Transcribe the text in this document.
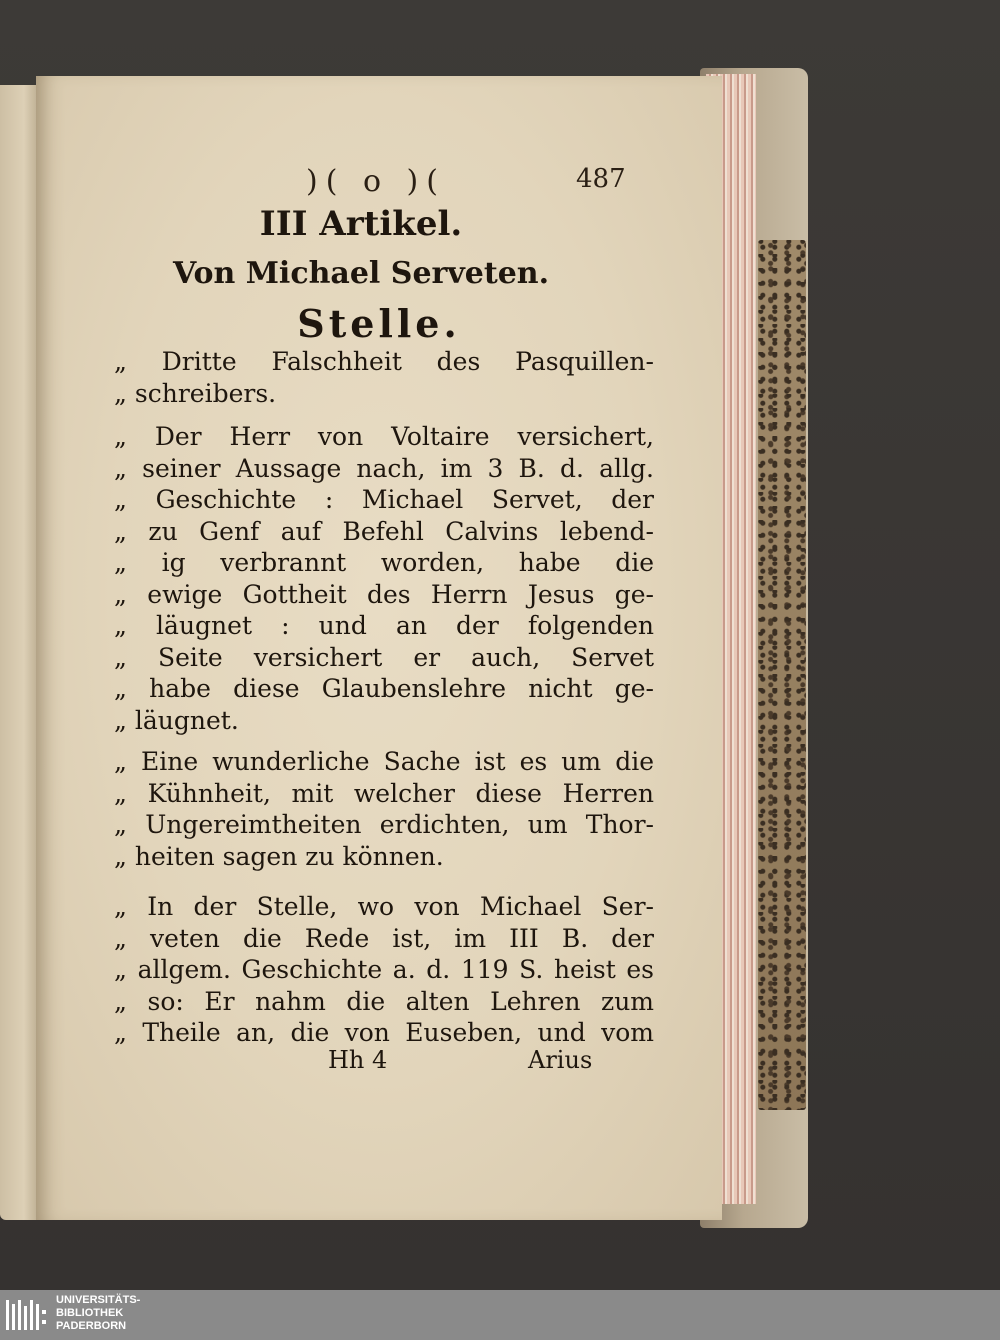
)( o )(	487
III Artikel.
Von Michael Serveten.
Stelle.
„ Dritte Falschheit des Pasquillen-
„ schreibers.
„ Der Herr von Voltaire versichert,
„ seiner Aussage nach, im 3 B. d. allg.
„ Geschichte : Michael Servet, der
„ zu Genf auf Befehl Calvins lebend-
„ ig verbrannt worden, habe die
„ ewige Gottheit des Herrn Jesus ge-
„ läugnet : und an der folgenden
„ Seite versichert er auch, Servet
„ habe diese Glaubenslehre nicht ge-
„ läugnet.
„ Eine wunderliche Sache ist es um die
„ Kühnheit, mit welcher diese Herren
„ Ungereimtheiten erdichten, um Thor-
„ heiten sagen zu können.
„ In der Stelle, wo von Michael Ser-
„ veten die Rede ist, im III B. der
„ allgem. Geschichte a. d. 119 S. heist es
„ so: Er nahm die alten Lehren zum
„ Theile an, die von Euseben, und vom
Hh 4	Arius
UNIVERSITÄTS-
BIBLIOTHEK
PADERBORN
